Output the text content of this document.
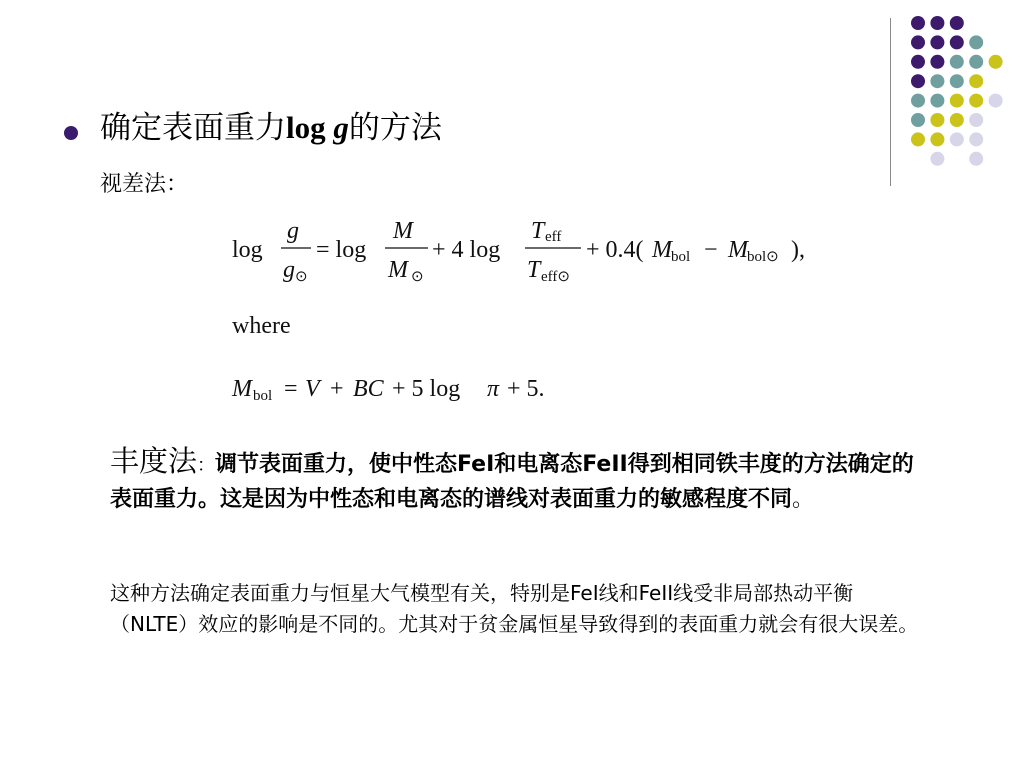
确定表面重力log g的方法
视差法：
log
g
g ⊙
= log
M
M ⊙
+ 4 log
T eff
T eff⊙
+ 0.4( M bol − M bol⊙ ),
where
M bol = V + BC + 5 log π + 5.
丰度法：调节表面重力，使中性态FeI和电离态FeII得到相同铁丰度的方法确定的表面重力。这是因为中性态和电离态的谱线对表面重力的敏感程度不同。
这种方法确定表面重力与恒星大气模型有关，特别是FeI线和FeII线受非局部热动平衡（NLTE）效应的影响是不同的。尤其对于贫金属恒星导致得到的表面重力就会有很大误差。
